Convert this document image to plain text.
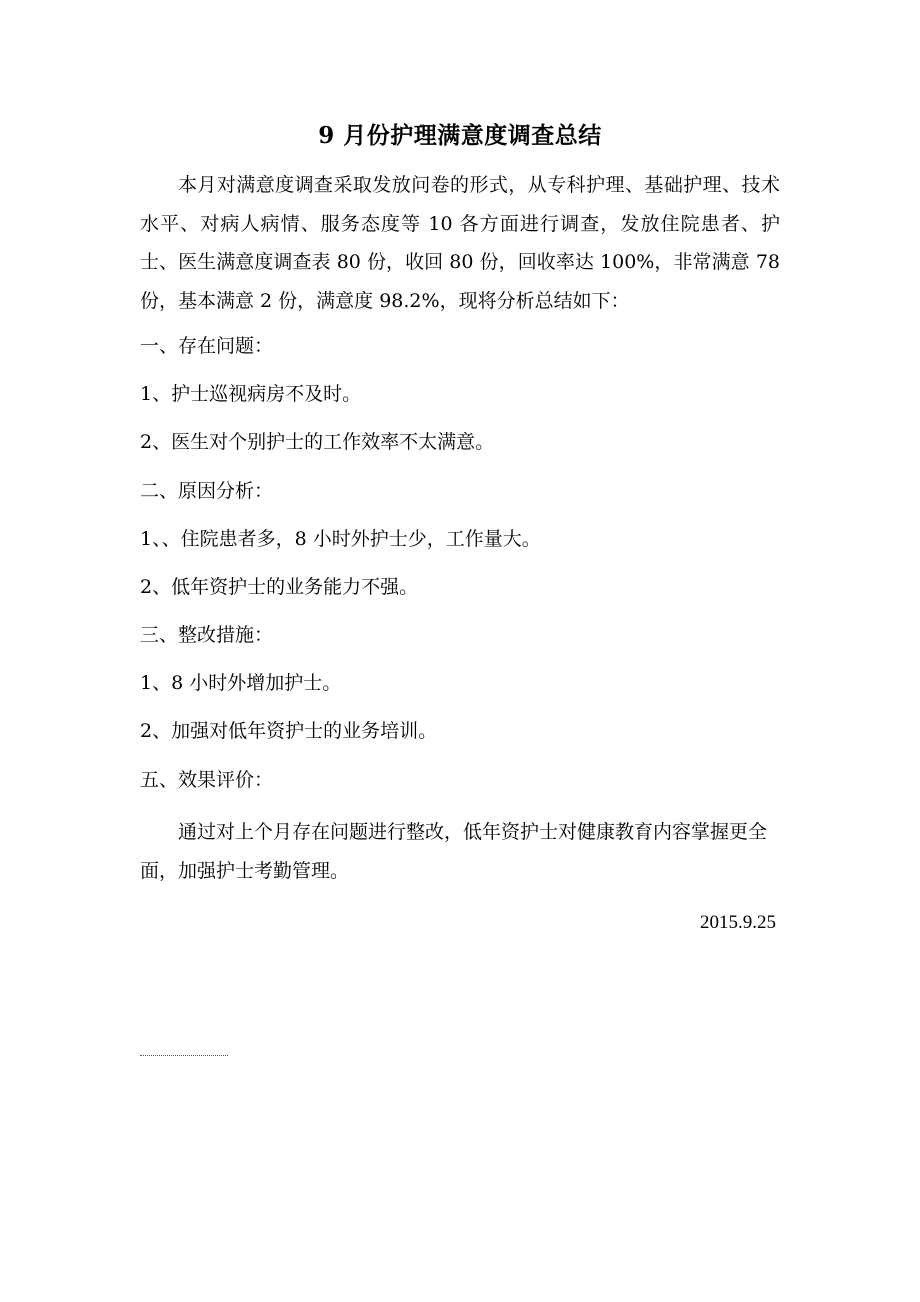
9 月份护理满意度调查总结
本月对满意度调查采取发放问卷的形式，从专科护理、基础护理、技术水平、对病人病情、服务态度等 10 各方面进行调查，发放住院患者、护士、医生满意度调查表 80 份，收回 80 份，回收率达 100%，非常满意 78 份，基本满意 2 份，满意度 98.2%，现将分析总结如下：
一、存在问题：
1、护士巡视病房不及时。
2、医生对个别护士的工作效率不太满意。
二、原因分析：
1、、住院患者多，8 小时外护士少，工作量大。
2、低年资护士的业务能力不强。
三、整改措施：
1、8 小时外增加护士。
2、加强对低年资护士的业务培训。
五、效果评价：
通过对上个月存在问题进行整改，低年资护士对健康教育内容掌握更全面，加强护士考勤管理。
2015.9.25
